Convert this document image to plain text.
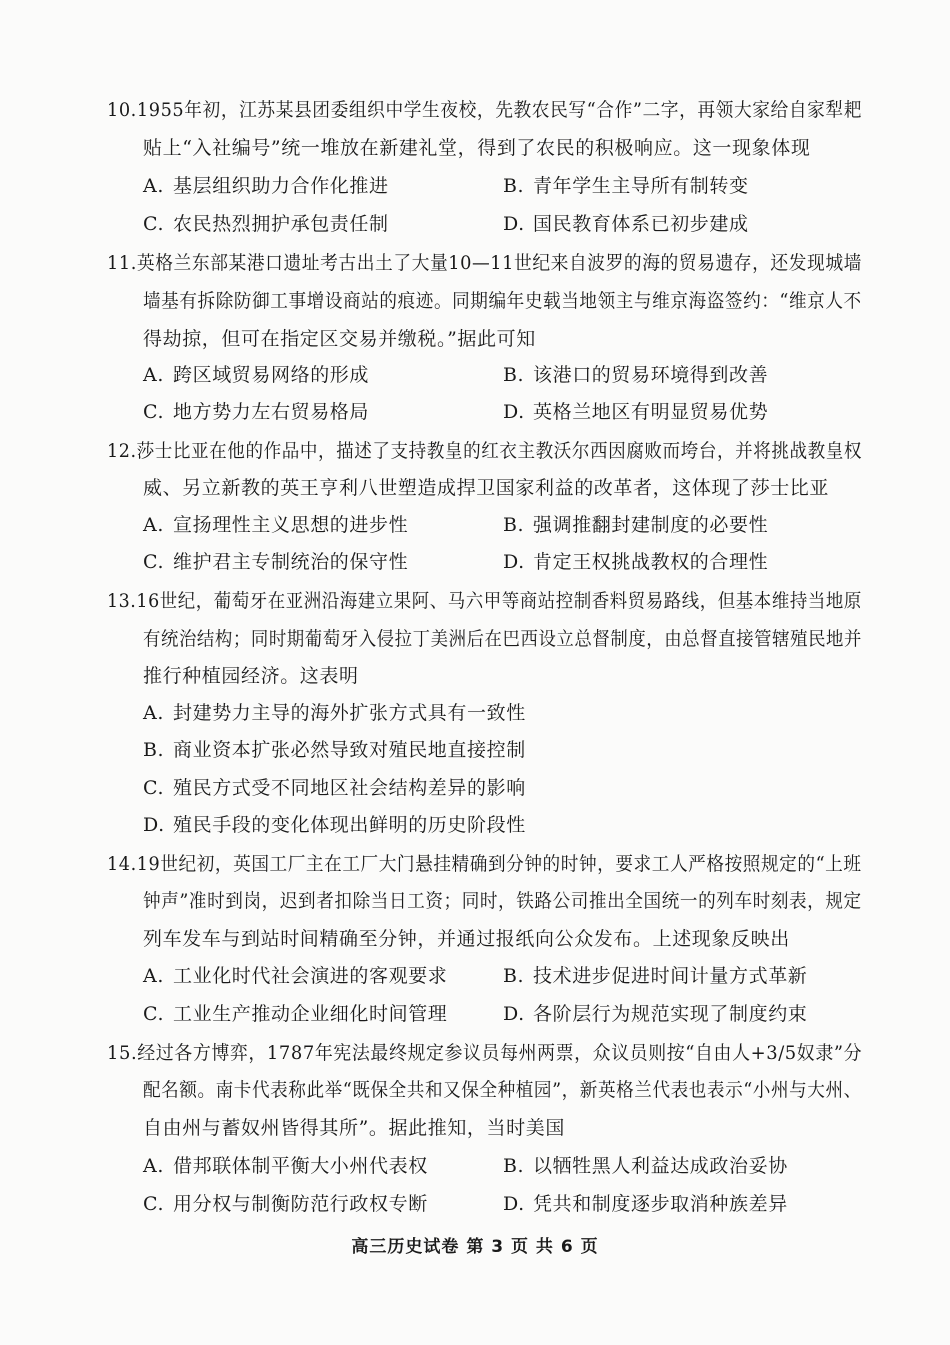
10.1955年初，江苏某县团委组织中学生夜校，先教农民写“合作”二字，再领大家给自家犁耙
贴上“入社编号”统一堆放在新建礼堂，得到了农民的积极响应。这一现象体现
A. 基层组织助力合作化推进	B. 青年学生主导所有制转变
C. 农民热烈拥护承包责任制	D. 国民教育体系已初步建成
11.英格兰东部某港口遗址考古出土了大量10—11世纪来自波罗的海的贸易遗存，还发现城墙
墙基有拆除防御工事增设商站的痕迹。同期编年史载当地领主与维京海盗签约：“维京人不
得劫掠，但可在指定区交易并缴税。”据此可知
A. 跨区域贸易网络的形成	B. 该港口的贸易环境得到改善
C. 地方势力左右贸易格局	D. 英格兰地区有明显贸易优势
12.莎士比亚在他的作品中，描述了支持教皇的红衣主教沃尔西因腐败而垮台，并将挑战教皇权
威、另立新教的英王亨利八世塑造成捍卫国家利益的改革者，这体现了莎士比亚
A. 宣扬理性主义思想的进步性	B. 强调推翻封建制度的必要性
C. 维护君主专制统治的保守性	D. 肯定王权挑战教权的合理性
13.16世纪，葡萄牙在亚洲沿海建立果阿、马六甲等商站控制香料贸易路线，但基本维持当地原
有统治结构；同时期葡萄牙入侵拉丁美洲后在巴西设立总督制度，由总督直接管辖殖民地并
推行种植园经济。这表明
A. 封建势力主导的海外扩张方式具有一致性
B. 商业资本扩张必然导致对殖民地直接控制
C. 殖民方式受不同地区社会结构差异的影响
D. 殖民手段的变化体现出鲜明的历史阶段性
14.19世纪初，英国工厂主在工厂大门悬挂精确到分钟的时钟，要求工人严格按照规定的“上班
钟声”准时到岗，迟到者扣除当日工资；同时，铁路公司推出全国统一的列车时刻表，规定
列车发车与到站时间精确至分钟，并通过报纸向公众发布。上述现象反映出
A. 工业化时代社会演进的客观要求	B. 技术进步促进时间计量方式革新
C. 工业生产推动企业细化时间管理	D. 各阶层行为规范实现了制度约束
15.经过各方博弈，1787年宪法最终规定参议员每州两票，众议员则按“自由人+3/5奴隶”分
配名额。南卡代表称此举“既保全共和又保全种植园”，新英格兰代表也表示“小州与大州、
自由州与蓄奴州皆得其所”。据此推知，当时美国
A. 借邦联体制平衡大小州代表权	B. 以牺牲黑人利益达成政治妥协
C. 用分权与制衡防范行政权专断	D. 凭共和制度逐步取消种族差异
高三历史试卷 第 3 页 共 6 页
